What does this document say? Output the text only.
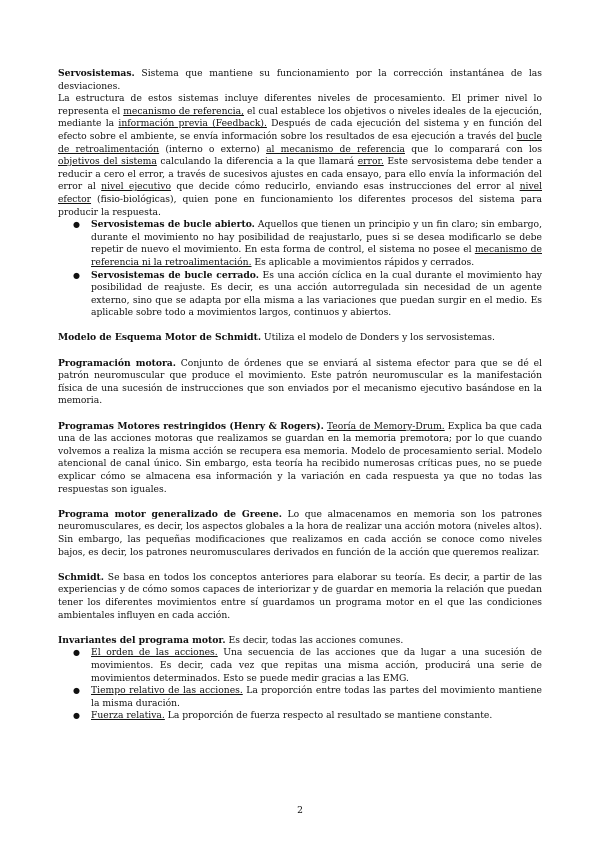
Servosistemas. Sistema que mantiene su funcionamiento por la corrección instantánea de las desviaciones.

La estructura de estos sistemas incluye diferentes niveles de procesamiento. El primer nivel lo representa el mecanismo de referencia, el cual establece los objetivos o niveles ideales de la ejecución, mediante la información previa (Feedback). Después de cada ejecución del sistema y en función del efecto sobre el ambiente, se envía información sobre los resultados de esa ejecución a través del bucle de retroalimentación (interno o externo) al mecanismo de referencia que lo comparará con los objetivos del sistema calculando la diferencia a la que llamará error. Este servosistema debe tender a reducir a cero el error, a través de sucesivos ajustes en cada ensayo, para ello envía la información del error al nivel ejecutivo que decide cómo reducirlo, enviando esas instrucciones del error al nivel efector (fisio-biológicas), quien pone en funcionamiento los diferentes procesos del sistema para producir la respuesta.

● Servosistemas de bucle abierto. Aquellos que tienen un principio y un fin claro; sin embargo, durante el movimiento no hay posibilidad de reajustarlo, pues si se desea modificarlo se debe repetir de nuevo el movimiento. En esta forma de control, el sistema no posee el mecanismo de referencia ni la retroalimentación. Es aplicable a movimientos rápidos y cerrados.
● Servosistemas de bucle cerrado. Es una acción cíclica en la cual durante el movimiento hay posibilidad de reajuste. Es decir, es una acción autorregulada sin necesidad de un agente externo, sino que se adapta por ella misma a las variaciones que puedan surgir en el medio. Es aplicable sobre todo a movimientos largos, continuos y abiertos.

Modelo de Esquema Motor de Schmidt. Utiliza el modelo de Donders y los servosistemas.

Programación motora. Conjunto de órdenes que se enviará al sistema efector para que se dé el patrón neuromuscular que produce el movimiento. Este patrón neuromuscular es la manifestación física de una sucesión de instrucciones que son enviados por el mecanismo ejecutivo basándose en la memoria.

Programas Motores restringidos (Henry & Rogers). Teoría de Memory-Drum. Explica ba que cada una de las acciones motoras que realizamos se guardan en la memoria premotora; por lo que cuando volvemos a realiza la misma acción se recupera esa memoria. Modelo de procesamiento serial. Modelo atencional de canal único. Sin embargo, esta teoría ha recibido numerosas críticas pues, no se puede explicar cómo se almacena esa información y la variación en cada respuesta ya que no todas las respuestas son iguales.

Programa motor generalizado de Greene. Lo que almacenamos en memoria son los patrones neuromusculares, es decir, los aspectos globales a la hora de realizar una acción motora (niveles altos). Sin embargo, las pequeñas modificaciones que realizamos en cada acción se conoce como niveles bajos, es decir, los patrones neuromusculares derivados en función de la acción que queremos realizar.

Schmidt. Se basa en todos los conceptos anteriores para elaborar su teoría. Es decir, a partir de las experiencias y de cómo somos capaces de interiorizar y de guardar en memoria la relación que puedan tener los diferentes movimientos entre sí guardamos un programa motor en el que las condiciones ambientales influyen en cada acción.

Invariantes del programa motor. Es decir, todas las acciones comunes.

● El orden de las acciones. Una secuencia de las acciones que da lugar a una sucesión de movimientos. Es decir, cada vez que repitas una misma acción, producirá una serie de movimientos determinados. Esto se puede medir gracias a las EMG.
● Tiempo relativo de las acciones. La proporción entre todas las partes del movimiento mantiene la misma duración.
● Fuerza relativa. La proporción de fuerza respecto al resultado se mantiene constante.
2
